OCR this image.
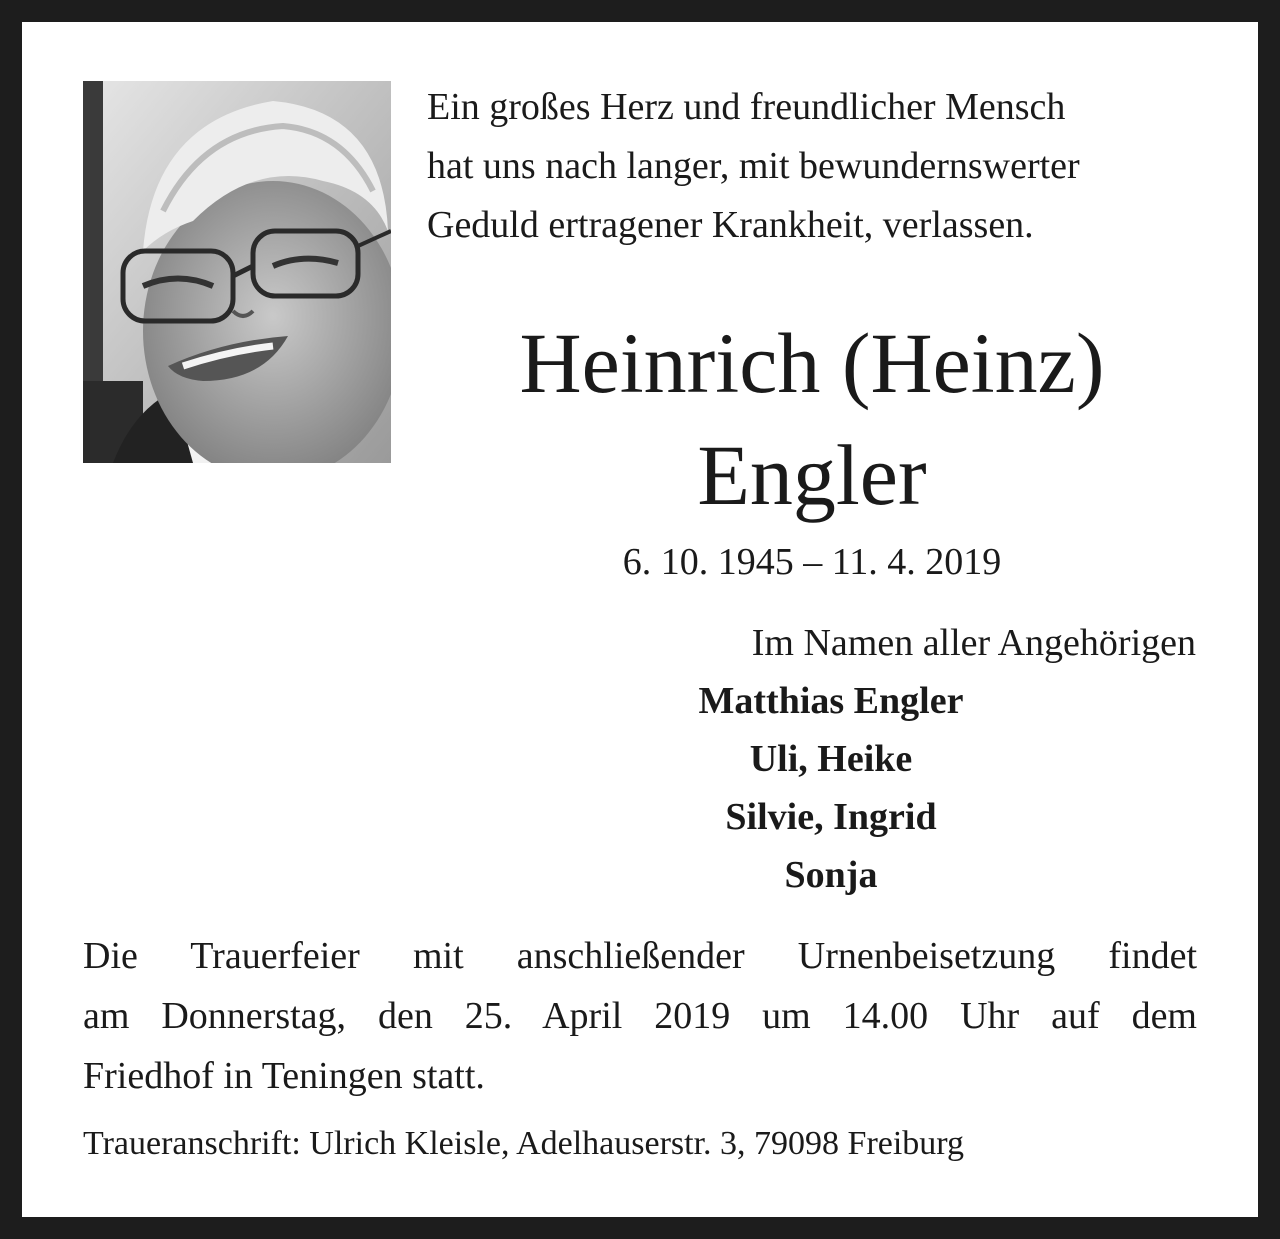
Ein großes Herz und freundlicher Mensch
hat uns nach langer, mit bewundernswerter
Geduld ertragener Krankheit, verlassen.
Heinrich (Heinz)
Engler
6. 10. 1945 – 11. 4. 2019
Im Namen aller Angehörigen
Matthias Engler
Uli, Heike
Silvie, Ingrid
Sonja
Die Trauerfeier mit anschließender Urnenbeisetzung findet
am Donnerstag, den 25. April 2019 um 14.00 Uhr auf dem
Friedhof in Teningen statt.
Traueranschrift: Ulrich Kleisle, Adelhauserstr. 3, 79098 Freiburg
